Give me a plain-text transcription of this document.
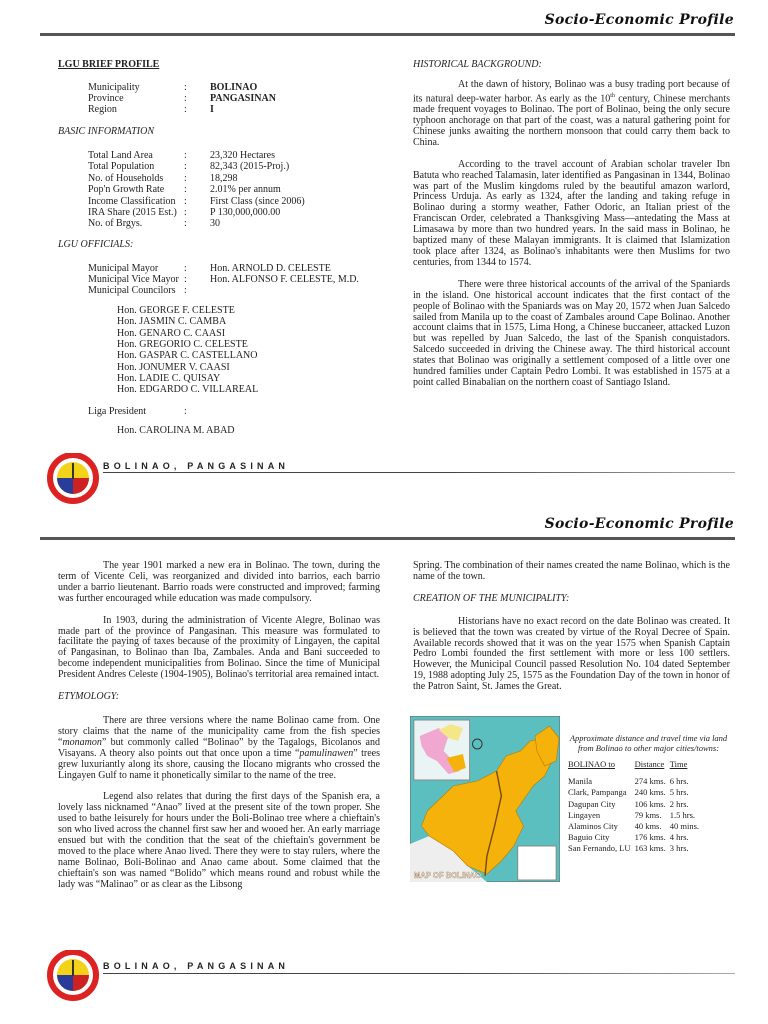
Socio-Economic Profile
LGU BRIEF PROFILE
Municipality	: BOLINAO
Province	: PANGASINAN
Region	: I
BASIC INFORMATION
Total Land Area	: 23,320 Hectares
Total Population	: 82,343 (2015-Proj.)
No. of Households : 18,298
Pop'n Growth Rate : 2.01% per annum
Income Classification : First Class (since 2006)
IRA Share (2015 Est.) : P 130,000,000.00
No. of Brgys.	: 30
LGU OFFICIALS:
Municipal Mayor	: Hon. ARNOLD D. CELESTE
Municipal Vice Mayor : Hon. ALFONSO F. CELESTE, M.D.
Municipal Councilors :
Hon. GEORGE F. CELESTE
Hon. JASMIN C. CAMBA
Hon. GENARO C. CAASI
Hon. GREGORIO C. CELESTE
Hon. GASPAR C. CASTELLANO
Hon. JONUMER V. CAASI
Hon. LADIE C. QUISAY
Hon. EDGARDO C. VILLAREAL
Liga President	:
Hon. CAROLINA M. ABAD
HISTORICAL BACKGROUND:

At the dawn of history, Bolinao was a busy trading port because of its natural deep-water harbor. As early as the 10th century, Chinese merchants made frequent voyages to Bolinao. The port of Bolinao, being the only secure typhoon anchorage on that part of the coast, was a natural gathering point for Chinese junks awaiting the northern monsoon that could carry them back to China.

According to the travel account of Arabian scholar traveler Ibn Batuta who reached Talamasin, later identified as Pangasinan in 1344, Bolinao was part of the Muslim kingdoms ruled by the beautiful amazon warlord, Princess Urduja. As early as 1324, after the landing and taking refuge in Bolinao during a stormy weather, Father Odoric, an Italian priest of the Franciscan Order, celebrated a Thanksgiving Mass—antedating the Mass at Limasawa by more than two hundred years. In the said mass in Bolinao, he baptized many of these Malayan immigrants. It is claimed that Islamization took place after 1324, as Bolinao's inhabitants were then Muslims for two centuries, from 1344 to 1574.

There were three historical accounts of the arrival of the Spaniards in the island. One historical account indicates that the first contact of the people of Bolinao with the Spaniards was on May 20, 1572 when Juan Salcedo sailed from Manila up to the coast of Zambales around Cape Bolinao. Another account claims that in 1575, Lima Hong, a Chinese buccaneer, attacked Luzon but was repelled by Juan Salcedo, the last of the Spanish conquistadors. Salcedo succeeded in driving the Chinese away. The third historical account states that Bolinao was originally a settlement composed of a little over one hundred families under Captain Pedro Lombi. It was established in 1575 at a point called Binabalian on the northern coast of Santiago Island.

BOLINAO, PANGASINAN
Socio-Economic Profile

The year 1901 marked a new era in Bolinao. The town, during the term of Vicente Celi, was reorganized and divided into barrios, each barrio under a barrio lieutenant. Barrio roads were constructed and improved; farming was further encouraged while education was made compulsory.

In 1903, during the administration of Vicente Alegre, Bolinao was made part of the province of Pangasinan. This measure was formulated to facilitate the paying of taxes because of the proximity of Lingayen, the capital of Pangasinan, to Bolinao than Iba, Zambales. Anda and Bani succeeded to become independent municipalities from Bolinao. Since the time of Municipal President Andres Celeste (1904-1905), Bolinao's territorial area remained intact.

ETYMOLOGY:

There are three versions where the name Bolinao came from. One story claims that the name of the municipality came from the fish species “monamon” but commonly called “Bolinao” by the Tagalogs, Bicolanos and Visayans. A theory also points out that once upon a time “pamulinawen” trees grew luxuriantly along its shore, causing the Ilocano migrants who crossed the Lingayen Gulf to name it phonetically similar to the name of the tree.

Legend also relates that during the first days of the Spanish era, a lovely lass nicknamed “Anao” lived at the present site of the town proper. She used to bathe leisurely for hours under the Boli-Bolinao tree where a chieftain's son who lived across the channel first saw her and wooed her. An early marriage ensued but with the condition that the seat of the chieftain's government be moved to the place where Anao lived. There they were to stay rulers, where the name Bolinao, Boli-Bolinao and Anao came about. Some claimed that the chieftain's son was named “Bolido” which means round and robust while the lady was “Malinao” or as clear as the Libsong

Spring. The combination of their names created the name Bolinao, which is the name of the town.

CREATION OF THE MUNICIPALITY:

Historians have no exact record on the date Bolinao was created. It is believed that the town was created by virtue of the Royal Decree of Spain. Available records showed that it was on the year 1575 when Spanish Captain Pedro Lombi founded the first settlement with more or less 100 settlers. However, the Municipal Council passed Resolution No. 104 dated September 19, 1988 adopting July 25, 1575 as the Foundation Day of the town in honor of the Patron Saint, St. James the Great.

MAP OF BOLINAO
Approximate distance and travel time via land from Bolinao to other major cities/towns:
BOLINAO to	Distance	Time
Manila	274 kms.	6 hrs.
Clark, Pampanga	240 kms.	5 hrs.
Dagupan City	106 kms.	2 hrs.
Lingayen	79 kms.	1.5 hrs.
Alaminos City	40 kms.	40 mins.
Baguio City	176 kms.	4 hrs.
San Fernando, LU	163 kms.	3 hrs.
BOLINAO, PANGASINAN
